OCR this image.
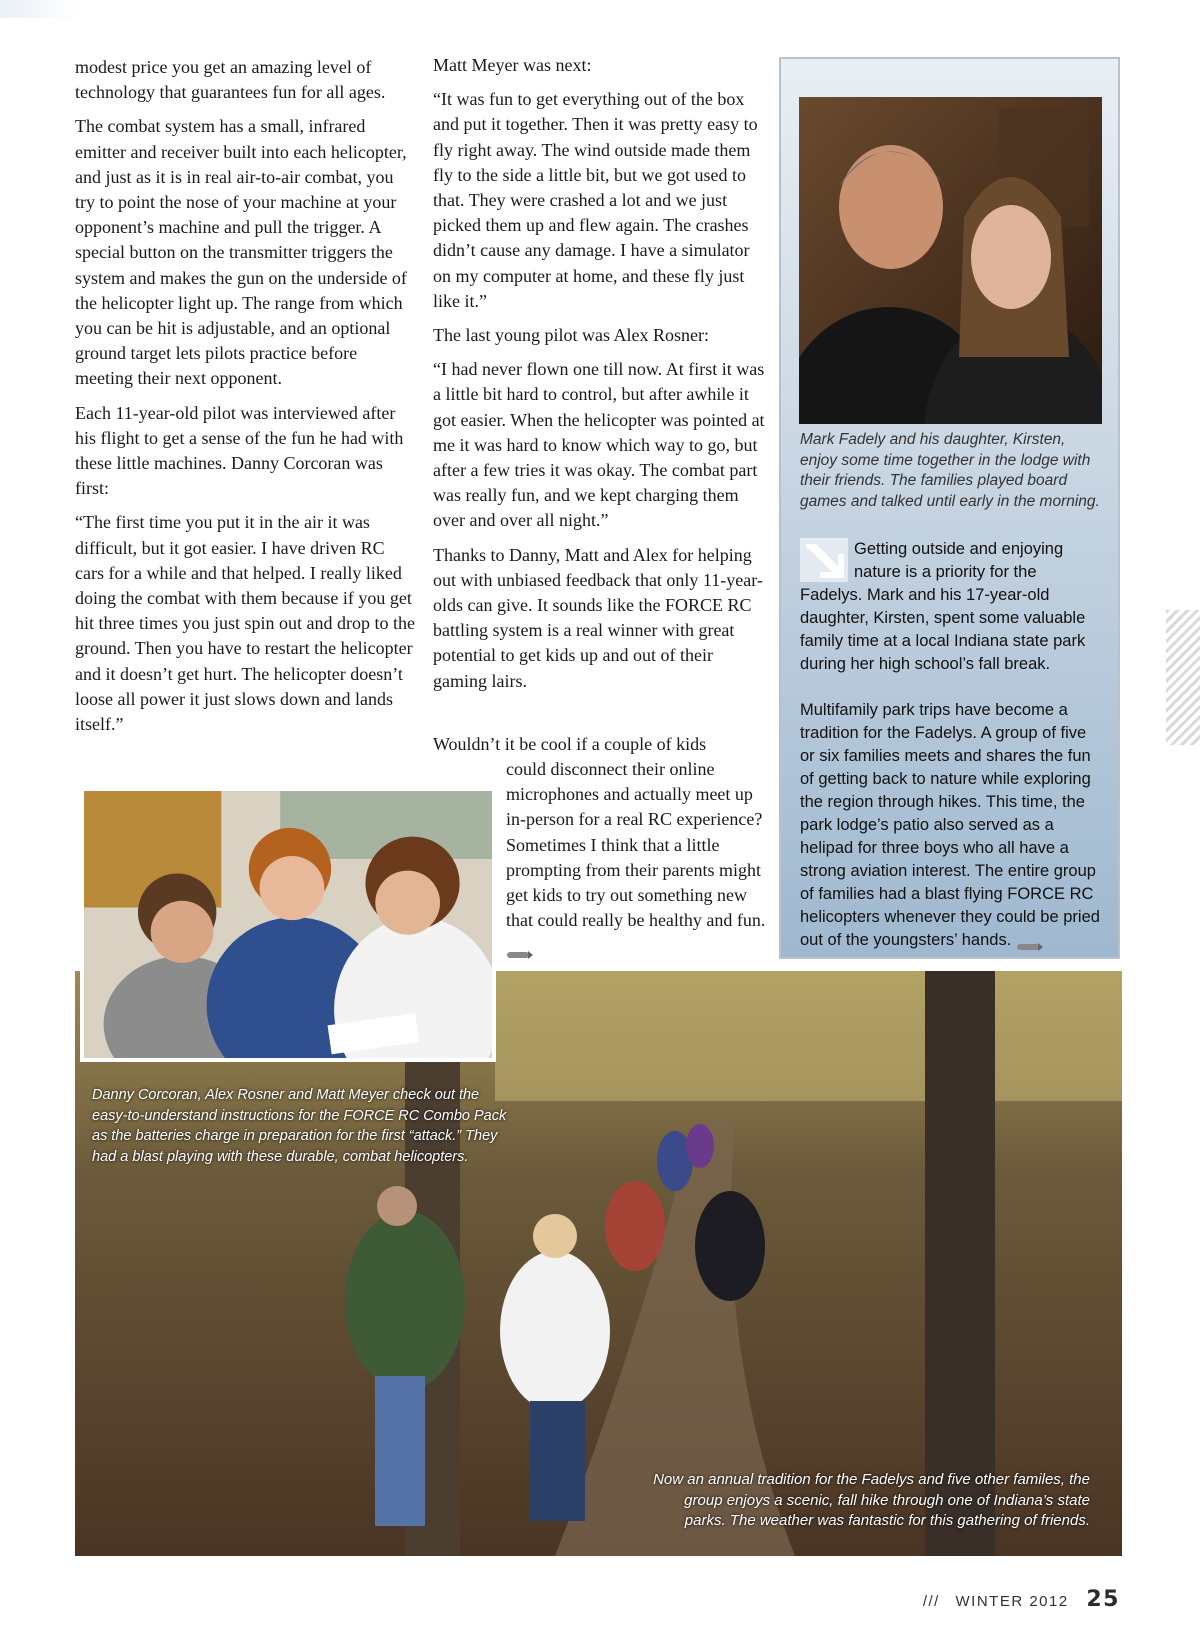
modest price you get an amazing level of technology that guarantees fun for all ages.

The combat system has a small, infrared emitter and receiver built into each helicopter, and just as it is in real air-to-air combat, you try to point the nose of your machine at your opponent’s machine and pull the trigger. A special button on the transmitter triggers the system and makes the gun on the underside of the helicopter light up. The range from which you can be hit is adjustable, and an optional ground target lets pilots practice before meeting their next opponent.

Each 11-year-old pilot was interviewed after his flight to get a sense of the fun he had with these little machines. Danny Corcoran was first:

“The first time you put it in the air it was difficult, but it got easier. I have driven RC cars for a while and that helped. I really liked doing the combat with them because if you get hit three times you just spin out and drop to the ground. Then you have to restart the helicopter and it doesn’t get hurt. The helicopter doesn’t loose all power it just slows down and lands itself.”

Matt Meyer was next:

“It was fun to get everything out of the box and put it together. Then it was pretty easy to fly right away. The wind outside made them fly to the side a little bit, but we got used to that. They were crashed a lot and we just picked them up and flew again. The crashes didn’t cause any damage. I have a simulator on my computer at home, and these fly just like it.”

The last young pilot was Alex Rosner:

“I had never flown one till now. At first it was a little bit hard to control, but after awhile it got easier. When the helicopter was pointed at me it was hard to know which way to go, but after a few tries it was okay. The combat part was really fun, and we kept charging them over and over all night.”

Thanks to Danny, Matt and Alex for helping out with unbiased feedback that only 11-year-olds can give. It sounds like the FORCE RC battling system is a real winner with great potential to get kids up and out of their gaming lairs.

Wouldn’t it be cool if a couple of kids
could disconnect their online microphones and actually meet up in-person for a real RC experience? Sometimes I think that a little prompting from their parents might get kids to try out something new that could really be healthy and fun.
Mark Fadely and his daughter, Kirsten, enjoy some time together in the lodge with their friends. The families played board games and talked until early in the morning.

Getting outside and enjoying nature is a priority for the Fadelys. Mark and his 17-year-old daughter, Kirsten, spent some valuable family time at a local Indiana state park during her high school’s fall break.

Multifamily park trips have become a tradition for the Fadelys. A group of five or six families meets and shares the fun of getting back to nature while exploring the region through hikes. This time, the park lodge’s patio also served as a helipad for three boys who all have a strong aviation interest. The entire group of families had a blast flying FORCE RC helicopters whenever they could be pried out of the youngsters’ hands.

Danny Corcoran, Alex Rosner and Matt Meyer check out the easy-to-understand instructions for the FORCE RC Combo Pack as the batteries charge in preparation for the first “attack.” They had a blast playing with these durable, combat helicopters.
Now an annual tradition for the Fadelys and five other familes, the group enjoys a scenic, fall hike through one of Indiana’s state parks. The weather was fantastic for this gathering of friends.
/// WINTER 2012 25
